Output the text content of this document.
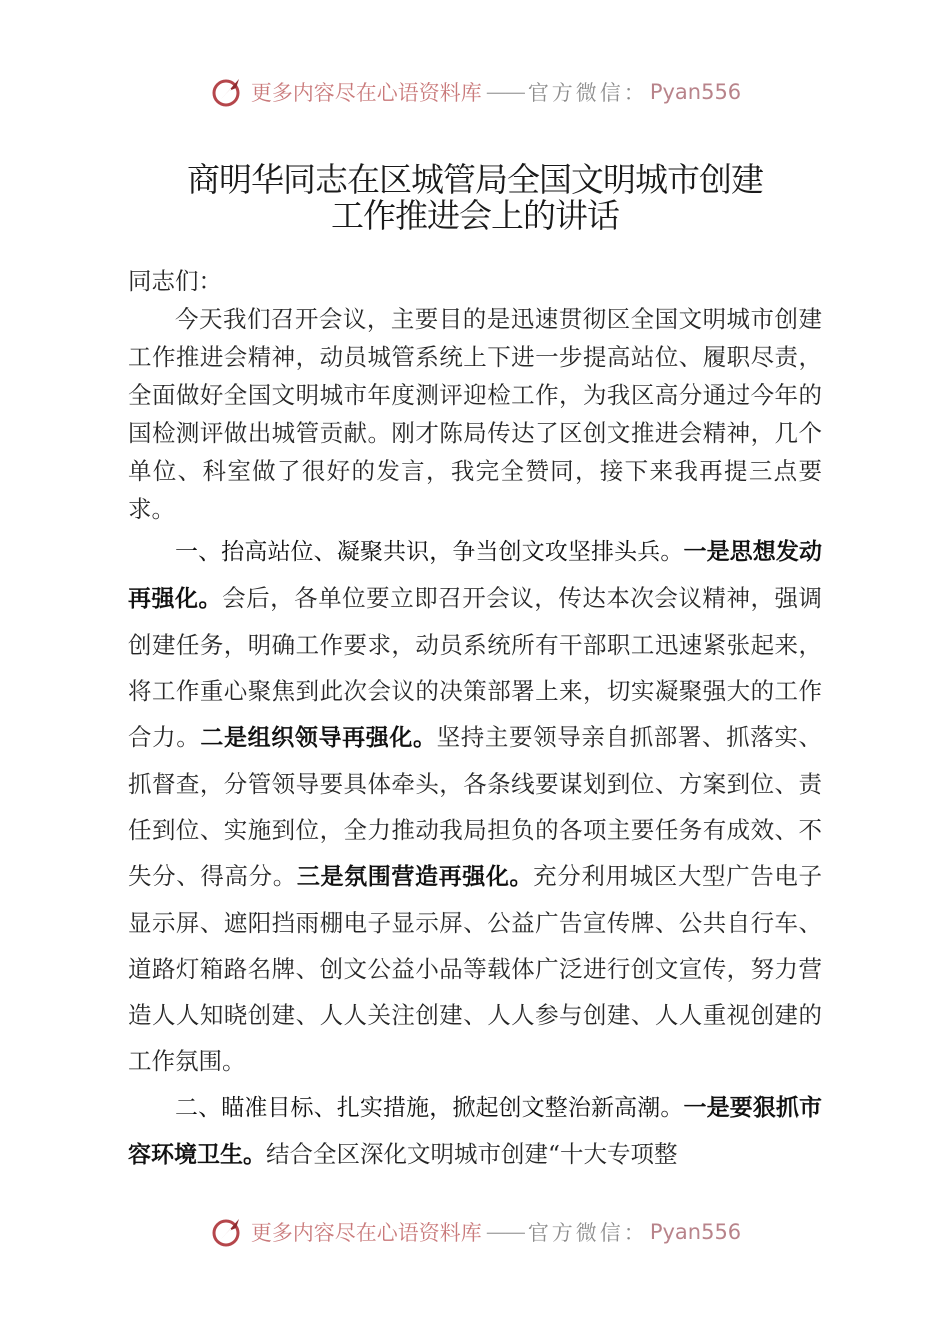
更多内容尽在心语资料库 —— 官方微信： Pyan556
商明华同志在区城管局全国文明城市创建
工作推进会上的讲话

同志们：

今天我们召开会议，主要目的是迅速贯彻区全国文明城市创建工作推进会精神，动员城管系统上下进一步提高站位、履职尽责，全面做好全国文明城市年度测评迎检工作，为我区高分通过今年的国检测评做出城管贡献。刚才陈局传达了区创文推进会精神，几个单位、科室做了很好的发言，我完全赞同，接下来我再提三点要求。

一、抬高站位、凝聚共识，争当创文攻坚排头兵。一是思想发动再强化。会后，各单位要立即召开会议，传达本次会议精神，强调创建任务，明确工作要求，动员系统所有干部职工迅速紧张起来，将工作重心聚焦到此次会议的决策部署上来，切实凝聚强大的工作合力。二是组织领导再强化。坚持主要领导亲自抓部署、抓落实、抓督查，分管领导要具体牵头，各条线要谋划到位、方案到位、责任到位、实施到位，全力推动我局担负的各项主要任务有成效、不失分、得高分。三是氛围营造再强化。充分利用城区大型广告电子显示屏、遮阳挡雨棚电子显示屏、公益广告宣传牌、公共自行车、道路灯箱路名牌、创文公益小品等载体广泛进行创文宣传，努力营造人人知晓创建、人人关注创建、人人参与创建、人人重视创建的工作氛围。

二、瞄准目标、扎实措施，掀起创文整治新高潮。一是要狠抓市容环境卫生。结合全区深化文明城市创建“十大专项整

更多内容尽在心语资料库 —— 官方微信： Pyan556
